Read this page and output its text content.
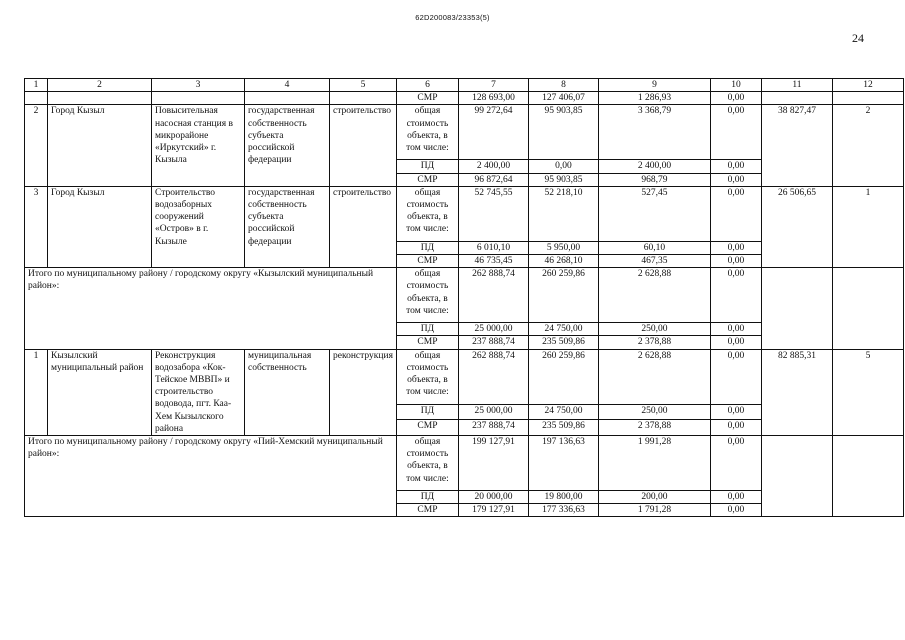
62D200083/23353(5)
24
1	2	3	4	5	6	7	8	9	10	11	12
					СМР	128 693,00	127 406,07	1 286,93	0,00		
2	Город Кызыл	Повысительная насосная станция в микрорайоне «Иркутский» г. Кызыла	государственная собственность субъекта российской федерации	строительство	общая стоимость объекта, в том числе:	99 272,64	95 903,85	3 368,79	0,00	38 827,47	2
					ПД	2 400,00	0,00	2 400,00	0,00		
					СМР	96 872,64	95 903,85	968,79	0,00		
3	Город Кызыл	Строительство водозаборных сооружений «Остров» в г. Кызыле	государственная собственность субъекта российской федерации	строительство	общая стоимость объекта, в том числе:	52 745,55	52 218,10	527,45	0,00	26 506,65	1
					ПД	6 010,10	5 950,00	60,10	0,00		
					СМР	46 735,45	46 268,10	467,35	0,00		
Итого по муниципальному району / городскому округу «Кызылский муниципальный район»:					общая стоимость объекта, в том числе:	262 888,74	260 259,86	2 628,88	0,00		
					ПД	25 000,00	24 750,00	250,00	0,00		
					СМР	237 888,74	235 509,86	2 378,88	0,00		
1	Кызылский муниципальный район	Реконструкция водозабора «Кок-Тейское МВВП» и строительство водовода, пгт. Каа-Хем Кызылского района	муниципальная собственность	реконструкция	общая стоимость объекта, в том числе:	262 888,74	260 259,86	2 628,88	0,00	82 885,31	5
					ПД	25 000,00	24 750,00	250,00	0,00		
					СМР	237 888,74	235 509,86	2 378,88	0,00		
Итого по муниципальному району / городскому округу «Пий-Хемский муниципальный район»:					общая стоимость объекта, в том числе:	199 127,91	197 136,63	1 991,28	0,00		
					ПД	20 000,00	19 800,00	200,00	0,00		
					СМР	179 127,91	177 336,63	1 791,28	0,00		
